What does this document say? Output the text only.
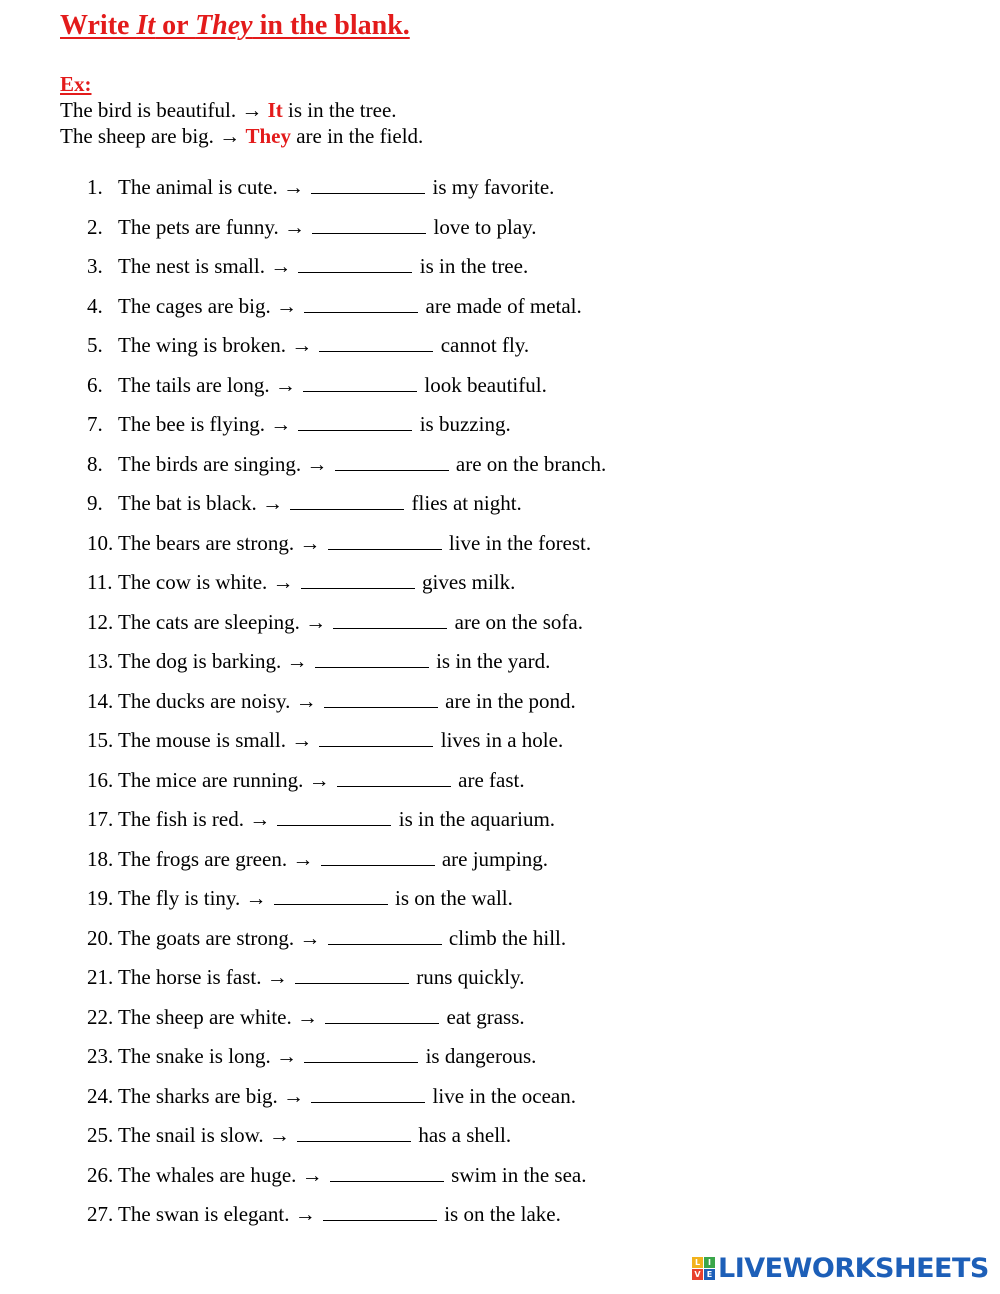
Write It or They in the blank.
Ex:
The bird is beautiful. → It is in the tree.
The sheep are big. → They are in the field.
1. The animal is cute. →	is my favorite.
2. The pets are funny. →	love to play.
3. The nest is small. →	is in the tree.
4. The cages are big. →	are made of metal.
5. The wing is broken. →	cannot fly.
6. The tails are long. →	look beautiful.
7. The bee is flying. →	is buzzing.
8. The birds are singing. →	are on the branch.
9. The bat is black. →	flies at night.
10. The bears are strong. →	live in the forest.
11. The cow is white. →	gives milk.
12. The cats are sleeping. →	are on the sofa.
13. The dog is barking. →	is in the yard.
14. The ducks are noisy. →	are in the pond.
15. The mouse is small. →	lives in a hole.
16. The mice are running. →	are fast.
17. The fish is red. →	is in the aquarium.
18. The frogs are green. →	are jumping.
19. The fly is tiny. →	is on the wall.
20. The goats are strong. →	climb the hill.
21. The horse is fast. →	runs quickly.
22. The sheep are white. →	eat grass.
23. The snake is long. →	is dangerous.
24. The sharks are big. →	live in the ocean.
25. The snail is slow. →	has a shell.
26. The whales are huge. →	swim in the sea.
27. The swan is elegant. →	is on the lake.
L I
V E LIVEWORKSHEETS
